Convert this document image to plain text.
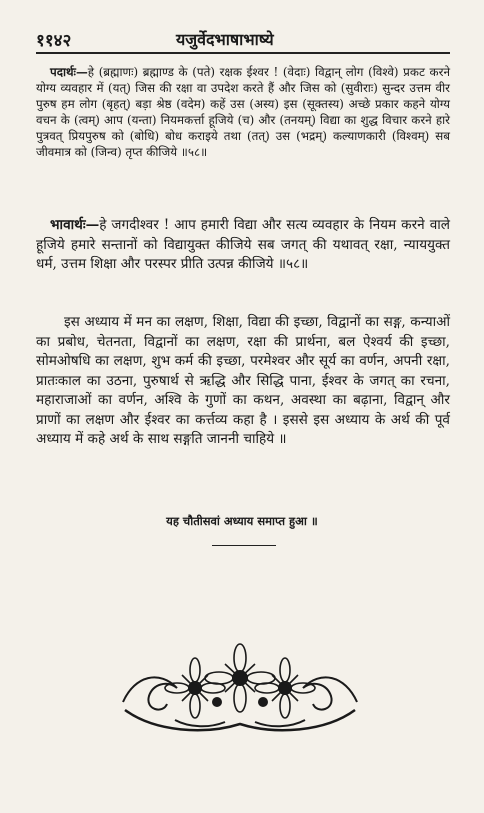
११४२	यजुर्वेदभाषाभाष्ये

पदार्थः—हे (ब्रह्माणः) ब्रह्माण्ड के (पते) रक्षक ईश्वर ! (वेदाः) विद्वान् लोग (विश्वे) प्रकट करने योग्य व्यवहार में (यत्) जिस की रक्षा वा उपदेश करते हैं और जिस को (सुवीराः) सुन्दर उत्तम वीर पुरुष हम लोग (बृहत्) बड़ा श्रेष्ठ (वदेम) कहें उस (अस्य) इस (सूक्तस्य) अच्छे प्रकार कहने योग्य वचन के (त्वम्) आप (यन्ता) नियमकर्त्ता हूजिये (च) और (तनयम्) विद्या का शुद्ध विचार करने हारे पुत्रवत् प्रियपुरुष को (बोधि) बोध कराइये तथा (तत्) उस (भद्रम्) कल्याणकारी (विश्वम्) सब जीवमात्र को (जिन्व) तृप्त कीजिये ॥५८॥

भावार्थः—हे जगदीश्वर ! आप हमारी विद्या और सत्य व्यवहार के नियम करने वाले हूजिये हमारे सन्तानों को विद्यायुक्त कीजिये सब जगत् की यथावत् रक्षा, न्याययुक्त धर्म, उत्तम शिक्षा और परस्पर प्रीति उत्पन्न कीजिये ॥५८॥

इस अध्याय में मन का लक्षण, शिक्षा, विद्या की इच्छा, विद्वानों का सङ्ग, कन्याओं का प्रबोध, चेतनता, विद्वानों का लक्षण, रक्षा की प्रार्थना, बल ऐश्वर्य की इच्छा, सोमओषधि का लक्षण, शुभ कर्म की इच्छा, परमेश्वर और सूर्य का वर्णन, अपनी रक्षा, प्रातःकाल का उठना, पुरुषार्थ से ऋद्धि और सिद्धि पाना, ईश्वर के जगत् का रचना, महाराजाओं का वर्णन, अश्वि के गुणों का कथन, अवस्था का बढ़ाना, विद्वान् और प्राणों का लक्षण और ईश्वर का कर्त्तव्य कहा है । इससे इस अध्याय के अर्थ की पूर्व अध्याय में कहे अर्थ के साथ सङ्गति जाननी चाहिये ॥

यह चौतीसवां अध्याय समाप्त हुआ ॥
